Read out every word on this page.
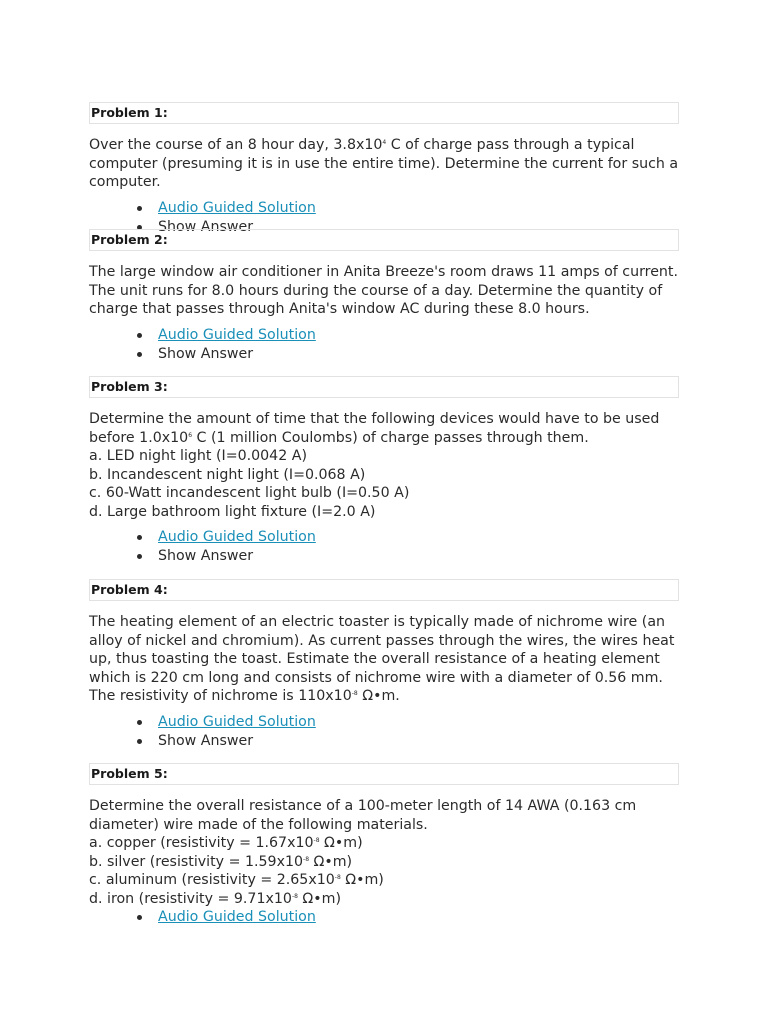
Problem 1:

Over the course of an 8 hour day, $3.8x10^4$ C of charge pass through a typical computer (presuming it is in use the entire time). Determine the current for such a computer.

Audio Guided Solution
Show Answer
Problem 2:

The large window air conditioner in Anita Breeze's room draws 11 amps of current. The unit runs for 8.0 hours during the course of a day. Determine the quantity of charge that passes through Anita's window AC during these 8.0 hours.

Audio Guided Solution
Show Answer
Problem 3:

Determine the amount of time that the following devices would have to be used before $1.0x10^6$ C (1 million Coulombs) of charge passes through them.

a. LED night light (I=0.0042 A)
b. Incandescent night light (I=0.068 A)
c. 60-Watt incandescent light bulb (I=0.50 A)
d. Large bathroom light fixture (I=2.0 A)
Audio Guided Solution
Show Answer
Problem 4:

The heating element of an electric toaster is typically made of nichrome wire (an alloy of nickel and chromium). As current passes through the wires, the wires heat up, thus toasting the toast. Estimate the overall resistance of a heating element which is 220 cm long and consists of nichrome wire with a diameter of 0.56 mm. The resistivity of nichrome is $110x10^{-8}$ Ω•m.

Audio Guided Solution
Show Answer
Problem 5:

Determine the overall resistance of a 100-meter length of 14 AWA (0.163 cm diameter) wire made of the following materials.

a. copper (resistivity = $1.67x10^{-8}$ Ω•m)
b. silver (resistivity = $1.59x10^{-8}$ Ω•m)
c. aluminum (resistivity = $2.65x10^{-8}$ Ω•m)
d. iron (resistivity = $9.71x10^{-8}$ Ω•m)
Audio Guided Solution
